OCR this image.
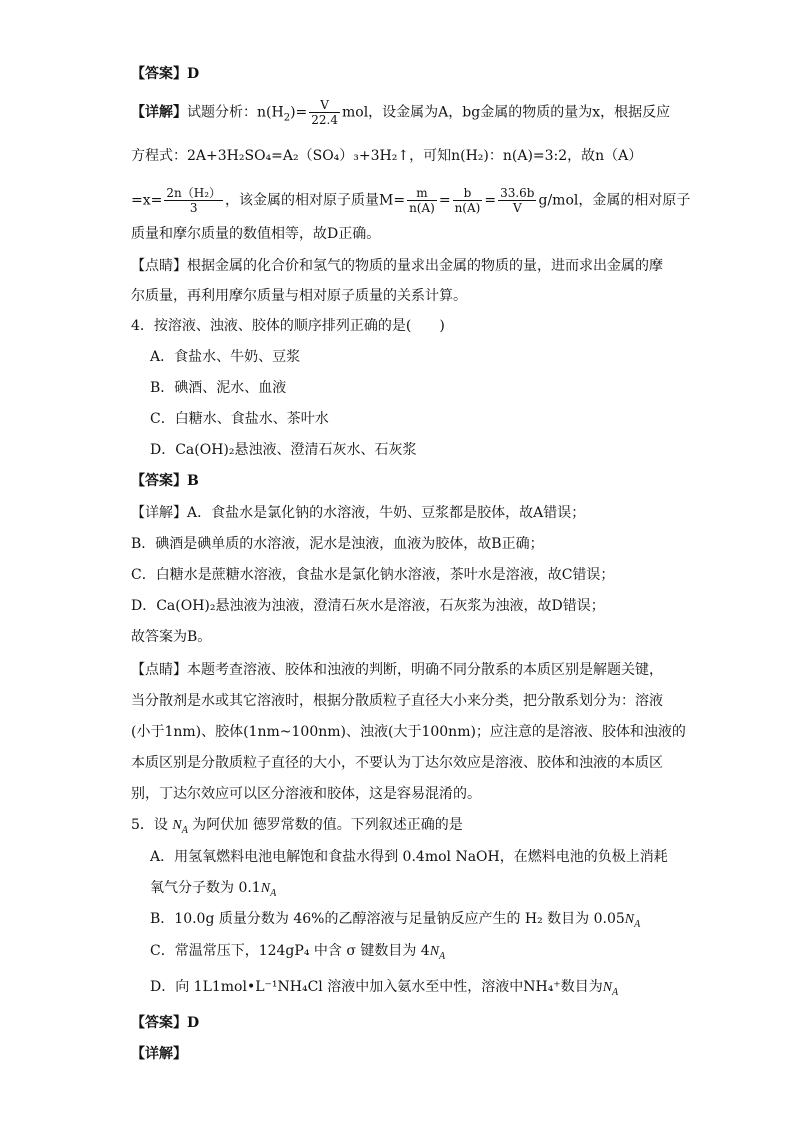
【答案】D
【详解】试题分析：$n(H_2)= \frac{V}{22.4}$ mol，设金属为A，bg金属的物质的量为x，根据反应
方程式：2A+3H₂SO₄=A₂（SO₄）₃+3H₂↑，可知n(H₂)：n(A)=3:2，故n（A）
$=x= \frac{\text{2n（H₂）}}{3}$ ，该金属的相对原子质量$M= \frac{m}{n(A)} = \frac{b}{n(A)} = \frac{33.6b}{V} g/mol$，金属的相对原子
质量和摩尔质量的数值相等，故D正确。
【点睛】根据金属的化合价和氢气的物质的量求出金属的物质的量，进而求出金属的摩
尔质量，再利用摩尔质量与相对原子质量的关系计算。
4．按溶液、浊液、胶体的顺序排列正确的是(　　)
A．食盐水、牛奶、豆浆
B．碘酒、泥水、血液
C．白糖水、食盐水、茶叶水
D．Ca(OH)₂悬浊液、澄清石灰水、石灰浆
【答案】B
【详解】A．食盐水是氯化钠的水溶液，牛奶、豆浆都是胶体，故A错误；
B．碘酒是碘单质的水溶液，泥水是浊液，血液为胶体，故B正确；
C．白糖水是蔗糖水溶液，食盐水是氯化钠水溶液，茶叶水是溶液，故C错误；
D．Ca(OH)₂悬浊液为浊液，澄清石灰水是溶液，石灰浆为浊液，故D错误；
故答案为B。
【点睛】本题考查溶液、胶体和浊液的判断，明确不同分散系的本质区别是解题关键，
当分散剂是水或其它溶液时，根据分散质粒子直径大小来分类，把分散系划分为：溶液
(小于1nm)、胶体(1nm~100nm)、浊液(大于100nm)；应注意的是溶液、胶体和浊液的
本质区别是分散质粒子直径的大小，不要认为丁达尔效应是溶液、胶体和浊液的本质区
别，丁达尔效应可以区分溶液和胶体，这是容易混淆的。
5．设 $N_A$ 为阿伏加 德罗常数的值。下列叙述正确的是
A．用氢氧燃料电池电解饱和食盐水得到 0.4mol NaOH，在燃料电池的负极上消耗
氧气分子数为 $0.1N_A$
B．10.0g 质量分数为 46%的乙醇溶液与足量钠反应产生的 H₂ 数目为 $0.05N_A$
C．常温常压下，124gP₄ 中含 σ 键数目为 $4N_A$
D．向 1L1mol•L⁻¹NH₄Cl 溶液中加入氨水至中性，溶液中NH₄⁺数目为$N_A$
【答案】D
【详解】
